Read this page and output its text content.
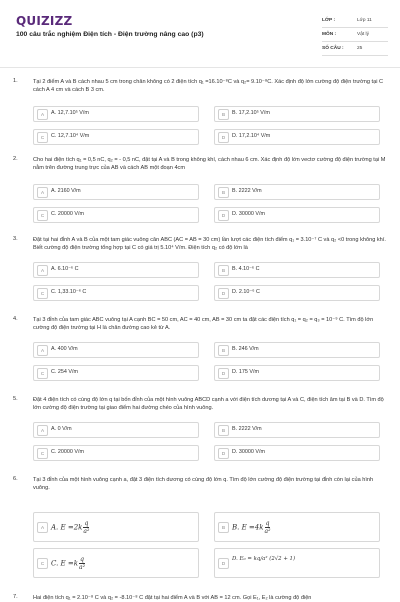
QUIZIZZ
100 câu trắc nghiệm Điện tích - Điện trường nâng cao (p3)
LỚP :	Lớp 11
MÔN :	Vật lý
SỐ CÂU :	25
1.	Tại 2 điểm A và B cách nhau 5 cm trong chân không có 2 điện tích q₁ =16.10⁻⁸C và q₂= 9.10⁻⁸C. Xác định độ lớn cường độ điện trường tại C cách A 4 cm và cách B 3 cm.
A	A. 12,7.10⁵ V/m	B	B. 17,2.10⁵ V/m
C	C. 12,7.10⁴ V/m	D	D. 17,2.10⁴ V/m
2.	Cho hai điện tích q₁ = 0,5 nC, q₂ = - 0,5 nC, đặt tại A và B trong không khí, cách nhau 6 cm. Xác định độ lớn vectơ cường độ điện trường tại M nằm trên đường trung trực của AB và cách AB một đoạn 4cm
A	A. 2160 V/m	B	B. 2222 V/m
C	C. 20000 V/m	D	D. 30000 V/m
3.	Đặt tại hai đỉnh A và B của một tam giác vuông cân ABC (AC = AB = 30 cm) lần lượt các điện tích điểm q₁ = 3.10⁻⁷ C và q₂ <0 trong không khí. Biết cường độ điện trường tổng hợp tại C có giá trị 5.10⁴ V/m. Điện tích q₂ có độ lớn là
A	A. 6.10⁻⁶ C	B	B. 4.10⁻⁶ C
C	C. 1,33.10⁻⁶ C	D	D. 2.10⁻⁶ C
4.	Tại 3 đỉnh của tam giác ABC vuông tại A cạnh BC = 50 cm, AC = 40 cm, AB = 30 cm ta đặt các điện tích q₁ = q₂ = q₃ = 10⁻⁹ C. Tìm độ lớn cường độ điện trường tại H là chân đường cao kẻ từ A.
A	A. 400 V/m	B	B. 246 V/m
C	C. 254 V/m	D	D. 175 V/m
5.	Đặt 4 điện tích có cùng độ lớn q tại bốn đỉnh của một hình vuông ABCD cạnh a với điện tích dương tại A và C, điện tích âm tại B và D. Tìm độ lớn cường độ điện trường tại giao điểm hai đường chéo của hình vuông.
A	A. 0 V/m	B	B. 2222 V/m
C	C. 20000 V/m	D	D. 30000 V/m
6.	Tại 3 đỉnh của một hình vuông cạnh a, đặt 3 điện tích dương có cùng độ lớn q. Tìm độ lớn cường độ điện trường tại đỉnh còn lại của hình vuông.
A A. $E =2k \frac{q}{\text{a²}}$	B B. $E =4k \frac{q}{\text{a²}}$
C C. $E =k \frac{q}{\text{a²}}$	D
D. E₀ = kq/a² (2√2 + 1)
7.	Hai điện tích q₁ = 2.10⁻⁸ C và q₂ = -8.10⁻⁸ C đặt tại hai điểm A và B với AB = 12 cm. Gọi E₁, E₂ là cường độ điện
